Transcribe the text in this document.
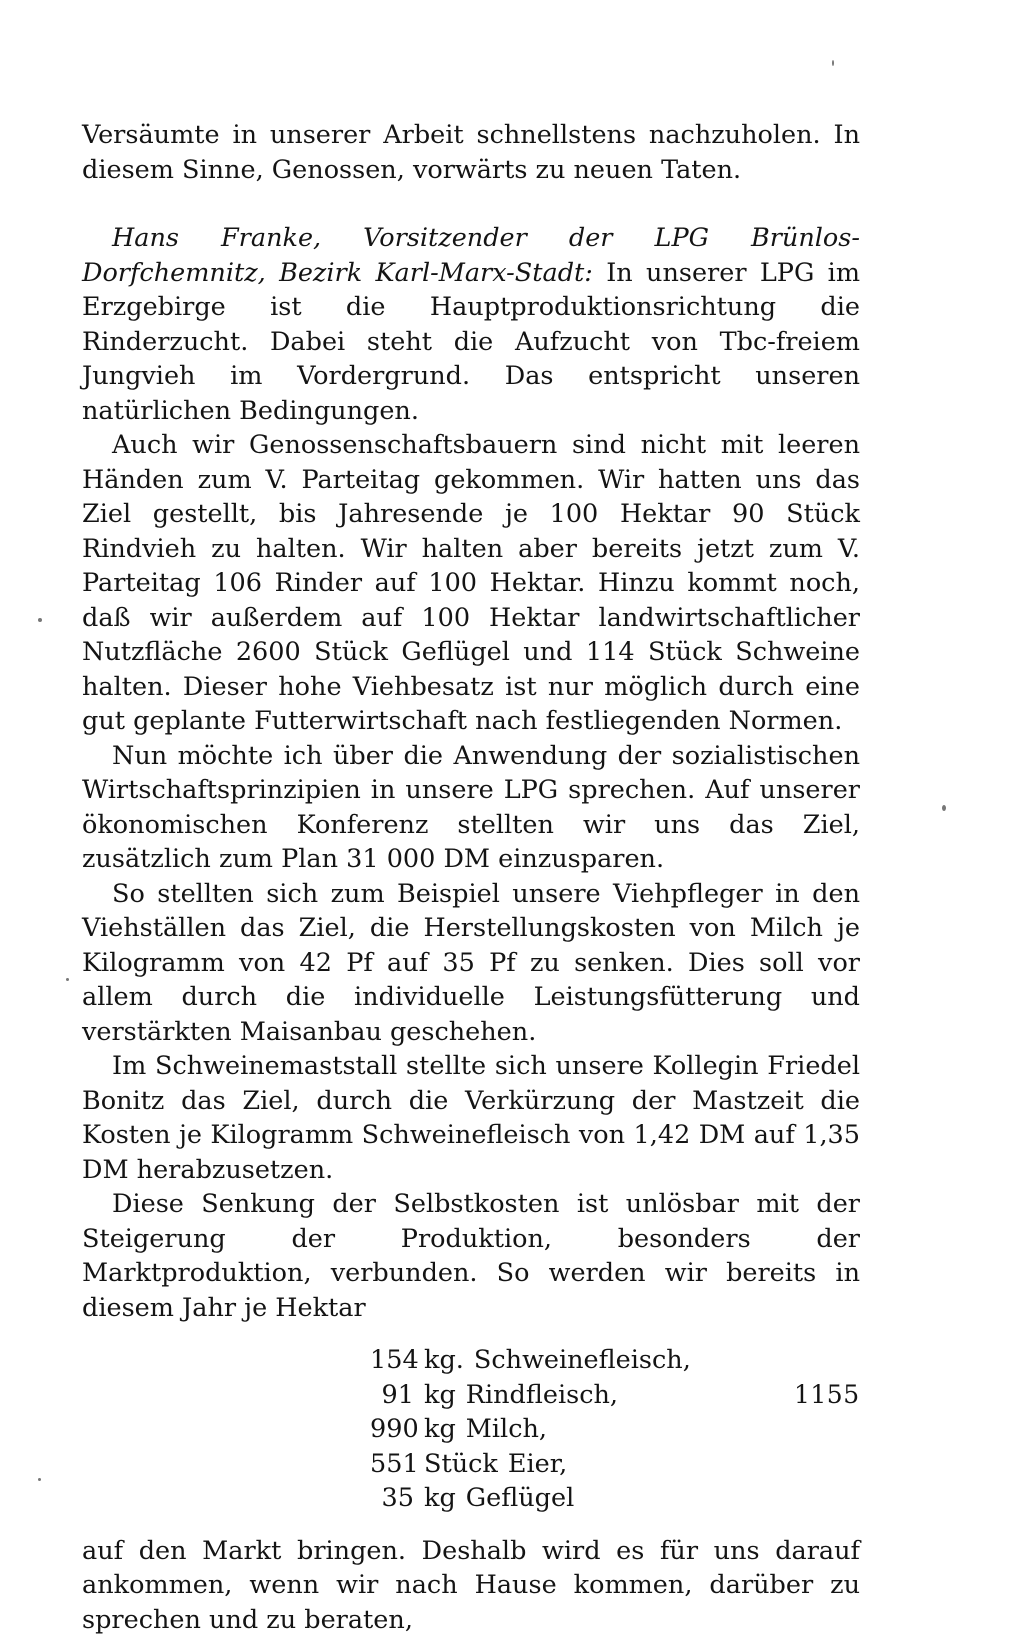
Versäumte in unserer Arbeit schnellstens nachzuholen. In diesem Sinne, Genossen, vorwärts zu neuen Taten.

Hans Franke, Vorsitzender der LPG Brünlos-Dorfchemnitz, Bezirk Karl-Marx-Stadt: In unserer LPG im Erzgebirge ist die Hauptproduktionsrichtung die Rinderzucht. Dabei steht die Aufzucht von Tbc-freiem Jungvieh im Vordergrund. Das entspricht unseren natürlichen Bedingungen.

Auch wir Genossenschaftsbauern sind nicht mit leeren Händen zum V. Parteitag gekommen. Wir hatten uns das Ziel gestellt, bis Jahresende je 100 Hektar 90 Stück Rindvieh zu halten. Wir halten aber bereits jetzt zum V. Parteitag 106 Rinder auf 100 Hektar. Hinzu kommt noch, daß wir außerdem auf 100 Hektar landwirtschaftlicher Nutzfläche 2600 Stück Geflügel und 114 Stück Schweine halten. Dieser hohe Viehbesatz ist nur möglich durch eine gut geplante Futterwirtschaft nach festliegenden Normen.

Nun möchte ich über die Anwendung der sozialistischen Wirtschaftsprinzipien in unsere LPG sprechen. Auf unserer ökonomischen Konferenz stellten wir uns das Ziel, zusätzlich zum Plan 31 000 DM einzusparen.

So stellten sich zum Beispiel unsere Viehpfleger in den Viehställen das Ziel, die Herstellungskosten von Milch je Kilogramm von 42 Pf auf 35 Pf zu senken. Dies soll vor allem durch die individuelle Leistungsfütterung und verstärkten Maisanbau geschehen.

Im Schweinemaststall stellte sich unsere Kollegin Friedel Bonitz das Ziel, durch die Verkürzung der Mastzeit die Kosten je Kilogramm Schweinefleisch von 1,42 DM auf 1,35 DM herabzusetzen.

Diese Senkung der Selbstkosten ist unlösbar mit der Steigerung der Produktion, besonders der Marktproduktion, verbunden. So werden wir bereits in diesem Jahr je Hektar

154 kg. Schweinefleisch,
91 kg Rindfleisch,
990 kg Milch,
551 Stück Eier,
35 kg Geflügel

auf den Markt bringen. Deshalb wird es für uns darauf ankommen, wenn wir nach Hause kommen, darüber zu sprechen und zu beraten,

1155
